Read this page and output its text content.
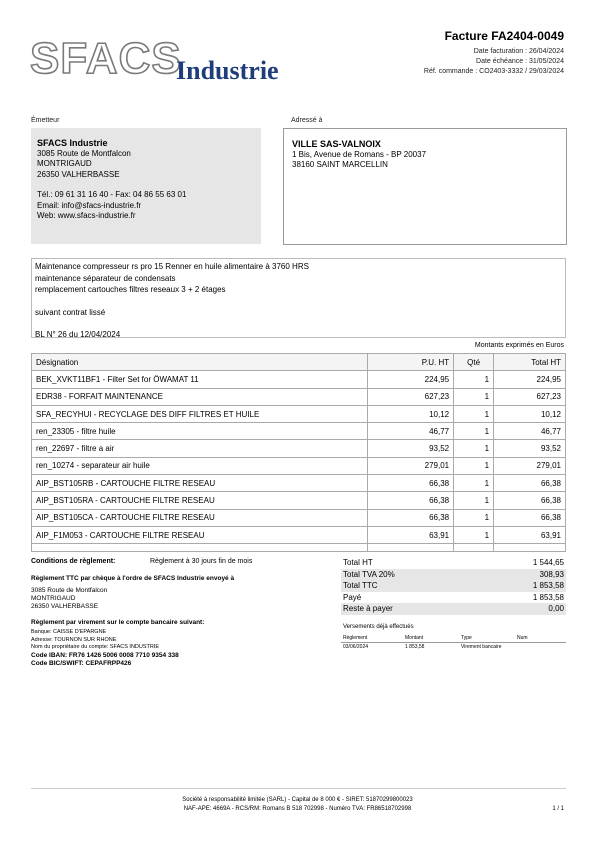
SFACS
Industrie
Facture FA2404-0049
Date facturation : 26/04/2024
Date échéance : 31/05/2024
Réf. commande : CO2403-3332 / 29/03/2024
Émetteur	Adressé à
SFACS Industrie
3085 Route de Montfalcon
MONTRIGAUD
26350 VALHERBASSE
Tél.: 09 61 31 16 40 - Fax: 04 86 55 63 01
Email: info@sfacs-industrie.fr
Web: www.sfacs-industrie.fr
VILLE SAS-VALNOIX
1 Bis, Avenue de Romans - BP 20037
38160 SAINT MARCELLIN
Maintenance compresseur rs pro 15 Renner en huile alimentaire à 3760 HRS
maintenance séparateur de condensats
remplacement cartouches filtres reseaux 3 + 2 étages
suivant contrat lissé
BL N° 26 du 12/04/2024
Montants exprimés en Euros
Désignation	P.U. HT	Qté	Total HT
BEK_XVKT11BF1 - Filter Set for ÖWAMAT 11	224,95	1	224,95
EDR38 - FORFAIT MAINTENANCE	627,23	1	627,23
SFA_RECYHUI - RECYCLAGE DES DIFF FILTRES ET HUILE	10,12	1	10,12
ren_23305 - filtre huile	46,77	1	46,77
ren_22697 - filtre a air	93,52	1	93,52
ren_10274 - separateur air huile	279,01	1	279,01
AIP_BST105RB - CARTOUCHE FILTRE RESEAU	66,38	1	66,38
AIP_BST105RA - CARTOUCHE FILTRE RESEAU	66,38	1	66,38
AIP_BST105CA - CARTOUCHE FILTRE RESEAU	66,38	1	66,38
AIP_F1M053 - CARTOUCHE FILTRE RESEAU	63,91	1	63,91

Conditions de règlement:	Règlement à 30 jours fin de mois
Règlement TTC par chèque à l'ordre de SFACS Industrie envoyé à
3085 Route de Montfalcon
MONTRIGAUD
26350 VALHERBASSE
Règlement par virement sur le compte bancaire suivant:
Banque: CAISSE D'EPARGNE
Adresse: TOURNON SUR RHONE
Nom du propriétaire du compte: SFACS INDUSTRIE
Code IBAN: FR76 1426 5006 0008 7710 9354 338
Code BIC/SWIFT: CEPAFRPP426
Total HT	1 544,65
Total TVA 20%	308,93
Total TTC	1 853,58
Payé	1 853,58
Reste à payer	0,00
Versements déjà effectués
Règlement	Montant	Type	Num
03/06/2024	1 853,58	Virement bancaire	
Société à responsabilité limitée (SARL) - Capital de 8 000 € - SIRET: 51870299800023
NAF-APE: 4669A - RCS/RM: Romans B 518 702998 - Numéro TVA: FR86518702998	1 / 1
